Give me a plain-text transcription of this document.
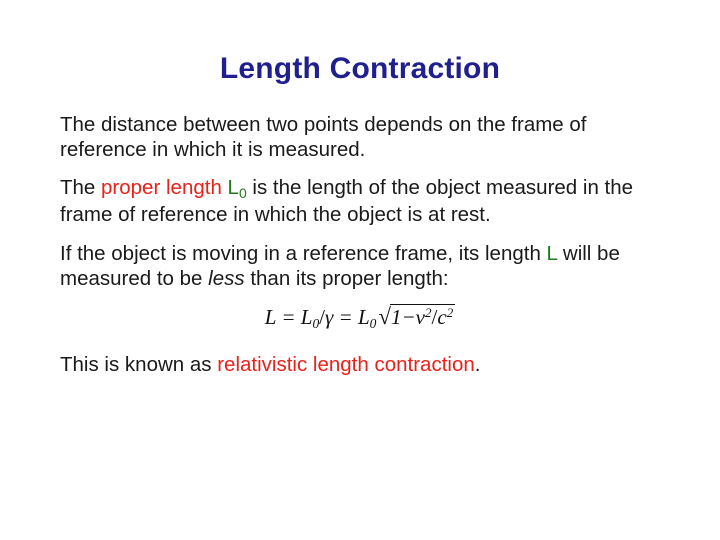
Length Contraction

The distance between two points depends on the frame of reference in which it is measured.

The proper length $L_0$ is the length of the object measured in the frame of reference in which the object is at rest.

If the object is moving in a reference frame, its length L will be measured to be less than its proper length:

$L = L0/\gamma = L0√1-v^2/c^2$

This is known as relativistic length contraction.
